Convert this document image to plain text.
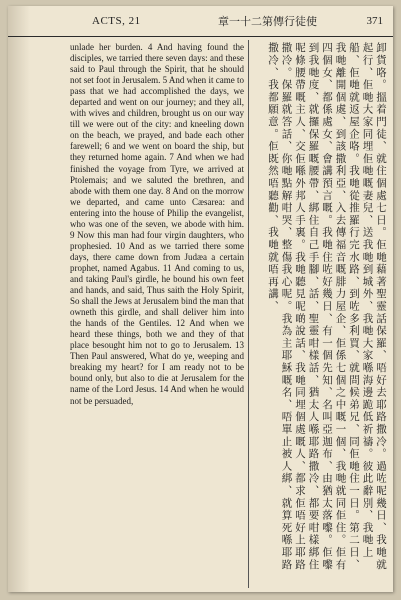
ACTS, 21	章一十二第傳行徒使	371

unlade her burden. 4 And having found the disciples, we tarried there seven days: and these said to Paul through the Spirit, that he should not set foot in Jerusalem. 5 And when it came to pass that we had accomplished the days, we departed and went on our journey; and they all, with wives and children, brought us on our way till we were out of the city: and kneeling down on the beach, we prayed, and bade each other farewell; 6 and we went on board the ship, but they returned home again. 7 And when we had finished the voyage from Tyre, we arrived at Ptolemais; and we saluted the brethren, and abode with them one day. 8 And on the morrow we departed, and came unto Cæsarea: and entering into the house of Philip the evangelist, who was one of the seven, we abode with him. 9 Now this man had four virgin daughters, who prophesied. 10 And as we tarried there some days, there came down from Judæa a certain prophet, named Agabus. 11 And coming to us, and taking Paul's girdle, he bound his own feet and hands, and said, Thus saith the Holy Spirit, So shall the Jews at Jerusalem bind the man that owneth this girdle, and shall deliver him into the hands of the Gentiles. 12 And when we heard these things, both we and they of that place besought him not to go to Jerusalem. 13 Then Paul answered, What do ye, weeping and breaking my heart? for I am ready not to be bound only, but also to die at Jerusalem for the name of the Lord Jesus. 14 And when he would not be persuaded,	卸貨咯。搵着門徒、就住個處七日。佢哋藉著聖靈話保羅、唔好去耶路撒冷。過咗呢幾日、我哋就起行、佢哋大家同埋佢哋嘅妻兒、送我哋到城外、我哋大家喺海邊跪低祈禱。彼此辭別、我哋上船、佢哋就返屋企咯。我哋從推羅行完水路、到咗多利買、就問候弟兄、同佢哋住一日。第二日、我哋離開個處、到該撒利亞、入去傳福音嘅腓力屋企、佢係七個之中嘅一個、我哋就同佢住。佢有四個女、都係處女、會講預言嘅。我哋住咗好幾日、有一個先知、名叫亞迦布、由猶太落嚟。佢嚟到我哋度、就攞保羅嘅腰帶、綁住自己手腳、話、聖靈咁樣話、猶太人喺耶路撒冷、都要咁樣綁住呢條腰帶嘅主人、交佢喺外邦人手裏。我哋聽見呢啲說話、我哋同埋個處嘅人、都求佢唔好上耶路撒冷。保羅就答話、你哋點解咁哭、整傷我心呢。我為主耶穌嘅名、唔單止被人綁、就算死喺耶路撒冷、我都願意。佢既然唔聽勸、我哋就唔再講、
